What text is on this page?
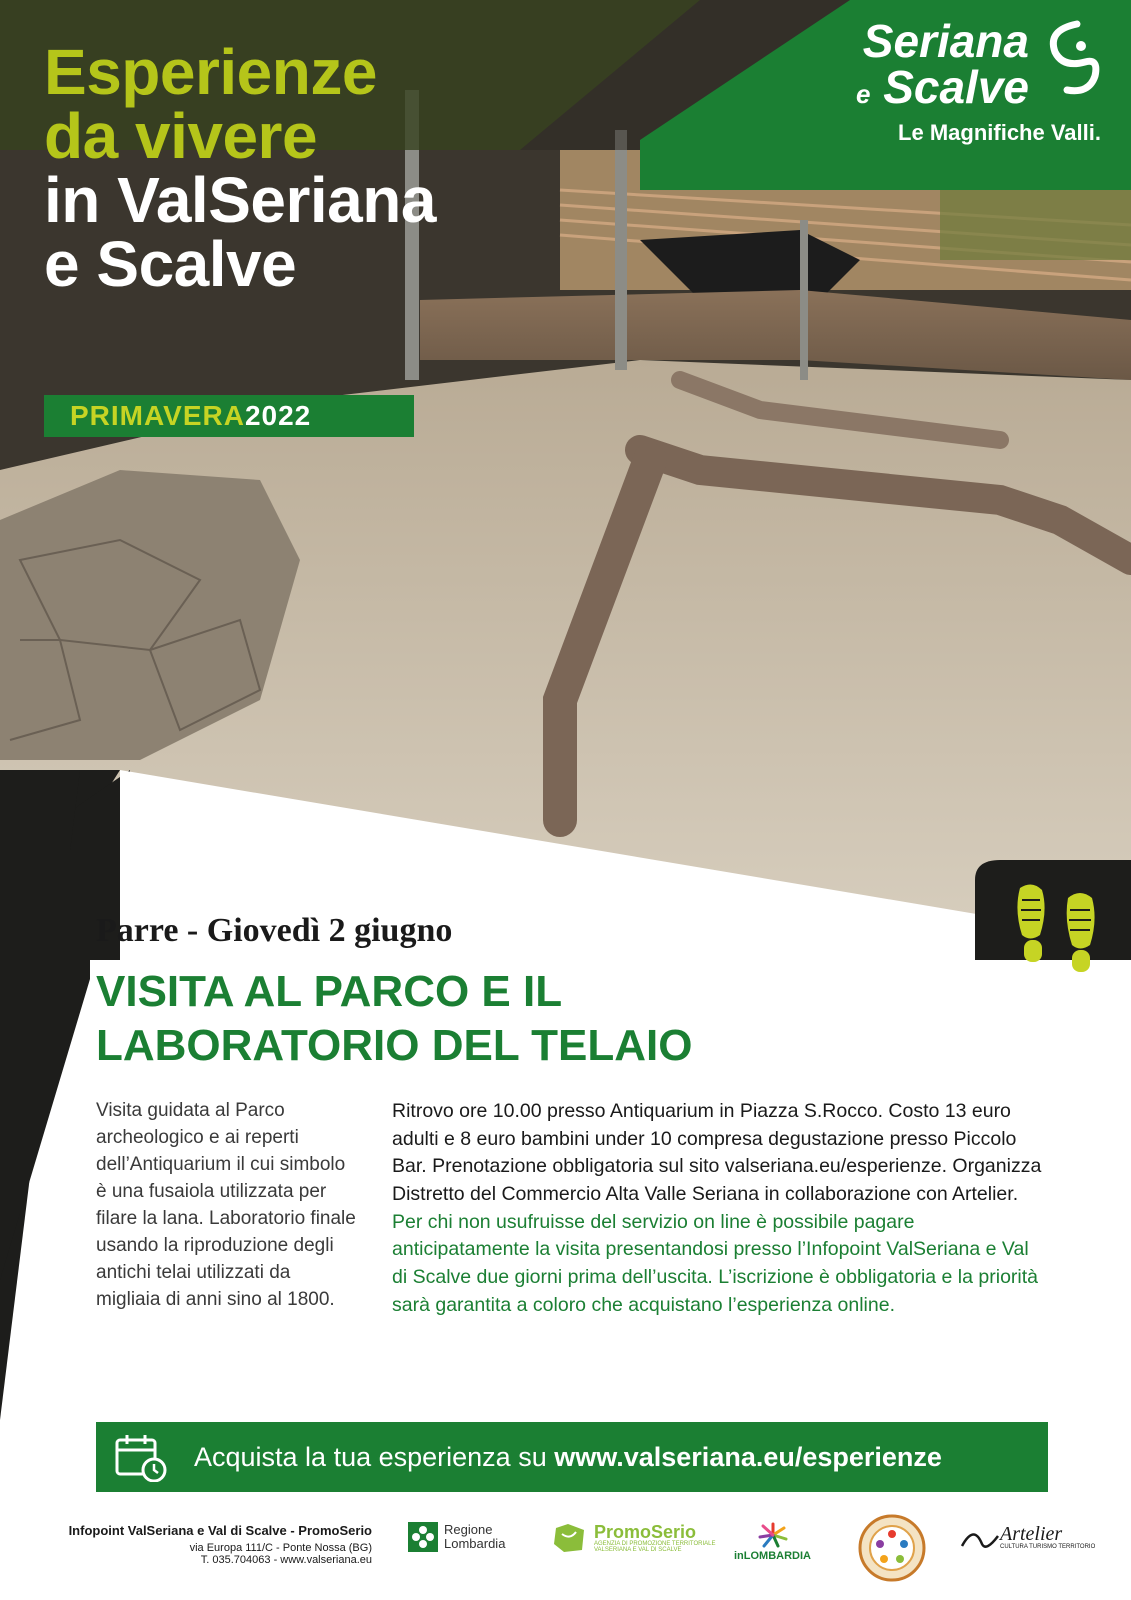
Esperienze
da vivere
in ValSeriana
e Scalve
PRIMAVERA 2022
Seriana
e Scalve
Le Magnifiche Valli.
Parre - Giovedì 2 giugno
VISITA AL PARCO E IL
LABORATORIO DEL TELAIO
Visita guidata al Parco archeologico e ai reperti dell’Antiquarium il cui simbolo è una fusaiola utilizzata per filare la lana. Laboratorio finale usando la riproduzione degli antichi telai utilizzati da migliaia di anni sino al 1800.
Ritrovo ore 10.00 presso Antiquarium in Piazza S.Rocco. Costo 13 euro adulti e 8 euro bambini under 10 compresa degustazione presso Piccolo Bar. Prenotazione obbligatoria sul sito valseriana.eu/esperienze. Organizza Distretto del Commercio Alta Valle Seriana in collaborazione con Artelier.
Per chi non usufruisse del servizio on line è possibile pagare anticipatamente la visita presentandosi presso l’Infopoint ValSeriana e Val di Scalve due giorni prima dell’uscita. L’iscrizione è obbligatoria e la priorità sarà garantita a coloro che acquistano l’esperienza online.
Acquista la tua esperienza su www.valseriana.eu/esperienze
Infopoint ValSeriana e Val di Scalve - PromoSerio
via Europa 111/C - Ponte Nossa (BG)
T. 035.704063 - www.valseriana.eu
Regione
Lombardia
PromoSerio
AGENZIA DI PROMOZIONE TERRITORIALE
VALSERIANA E VAL DI SCALVE	inLOMBARDIA
Artelier
CULTURA TURISMO TERRITORIO
